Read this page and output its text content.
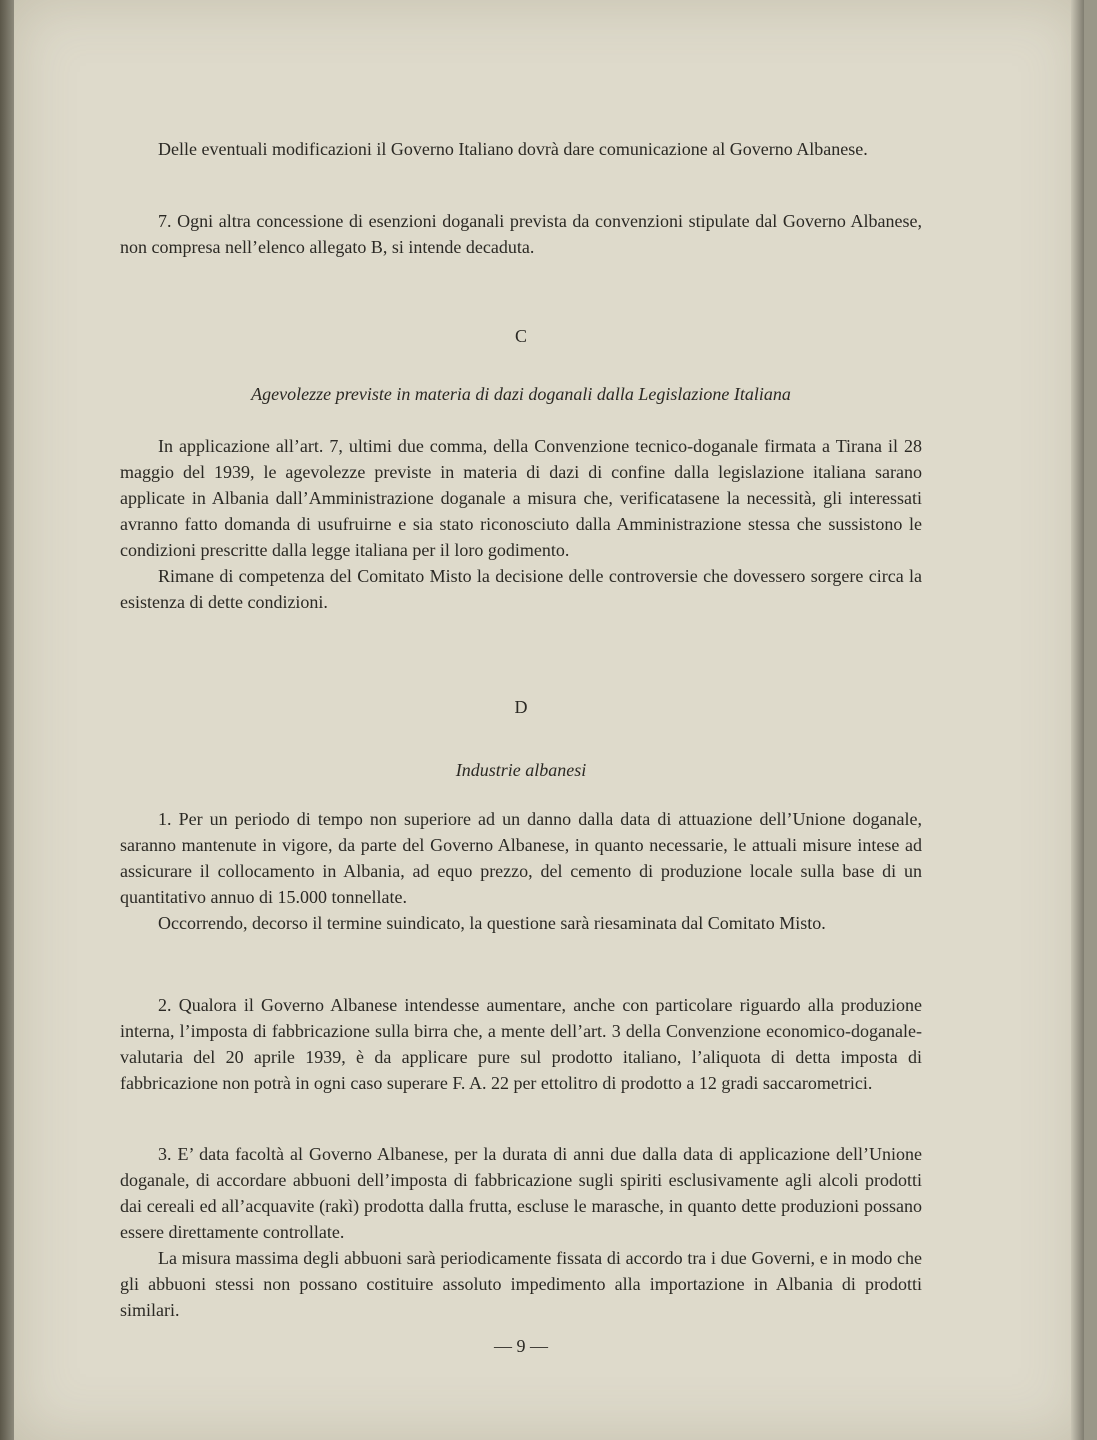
Delle eventuali modificazioni il Governo Italiano dovrà dare comunicazione al Governo Albanese.

7. Ogni altra concessione di esenzioni doganali prevista da convenzioni stipulate dal Governo Albanese, non compresa nell’elenco allegato B, si intende decaduta.

C

Agevolezze previste in materia di dazi doganali dalla Legislazione Italiana

In applicazione all’art. 7, ultimi due comma, della Convenzione tecnico-doganale firmata a Tirana il 28 maggio del 1939, le agevolezze previste in materia di dazi di confine dalla legislazione italiana sarano applicate in Albania dall’Amministrazione doganale a misura che, verificatasene la necessità, gli interessati avranno fatto domanda di usufruirne e sia stato riconosciuto dalla Amministrazione stessa che sussistono le condizioni prescritte dalla legge italiana per il loro godimento.

Rimane di competenza del Comitato Misto la decisione delle controversie che dovessero sorgere circa la esistenza di dette condizioni.

D

Industrie albanesi

1. Per un periodo di tempo non superiore ad un danno dalla data di attuazione dell’Unione doganale, saranno mantenute in vigore, da parte del Governo Albanese, in quanto necessarie, le attuali misure intese ad assicurare il collocamento in Albania, ad equo prezzo, del cemento di produzione locale sulla base di un quantitativo annuo di 15.000 tonnellate.

Occorrendo, decorso il termine suindicato, la questione sarà riesaminata dal Comitato Misto.

2. Qualora il Governo Albanese intendesse aumentare, anche con particolare riguardo alla produzione interna, l’imposta di fabbricazione sulla birra che, a mente dell’art. 3 della Convenzione economico-doganale-valutaria del 20 aprile 1939, è da applicare pure sul prodotto italiano, l’aliquota di detta imposta di fabbricazione non potrà in ogni caso superare F. A. 22 per ettolitro di prodotto a 12 gradi saccarometrici.

3. E’ data facoltà al Governo Albanese, per la durata di anni due dalla data di applicazione dell’Unione doganale, di accordare abbuoni dell’imposta di fabbricazione sugli spiriti esclusivamente agli alcoli prodotti dai cereali ed all’acquavite (rakì) prodotta dalla frutta, escluse le marasche, in quanto dette produzioni possano essere direttamente controllate.

La misura massima degli abbuoni sarà periodicamente fissata di accordo tra i due Governi, e in modo che gli abbuoni stessi non possano costituire assoluto impedimento alla importazione in Albania di prodotti similari.

— 9 —
